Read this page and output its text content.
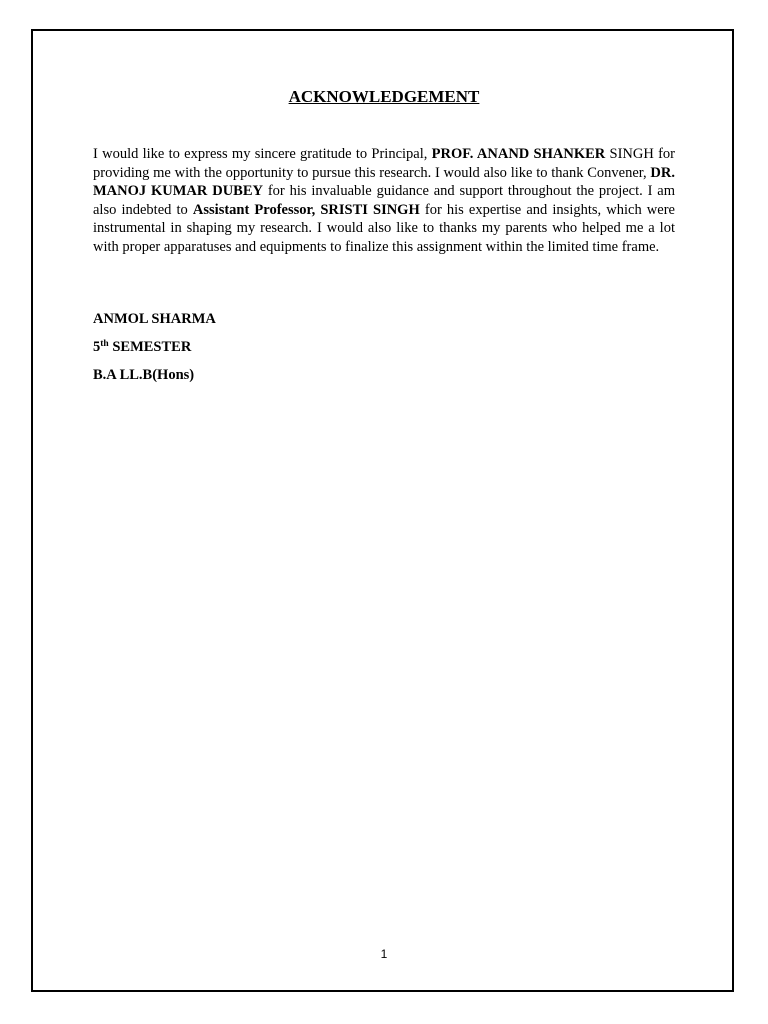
ACKNOWLEDGEMENT

I would like to express my sincere gratitude to Principal, PROF. ANAND SHANKER SINGH for providing me with the opportunity to pursue this research. I would also like to thank Convener, DR. MANOJ KUMAR DUBEY for his invaluable guidance and support throughout the project. I am also indebted to Assistant Professor, SRISTI SINGH for his expertise and insights, which were instrumental in shaping my research. I would also like to thanks my parents who helped me a lot with proper apparatuses and equipments to finalize this assignment within the limited time frame.

ANMOL SHARMA

5th SEMESTER

B.A LL.B(Hons)

1
